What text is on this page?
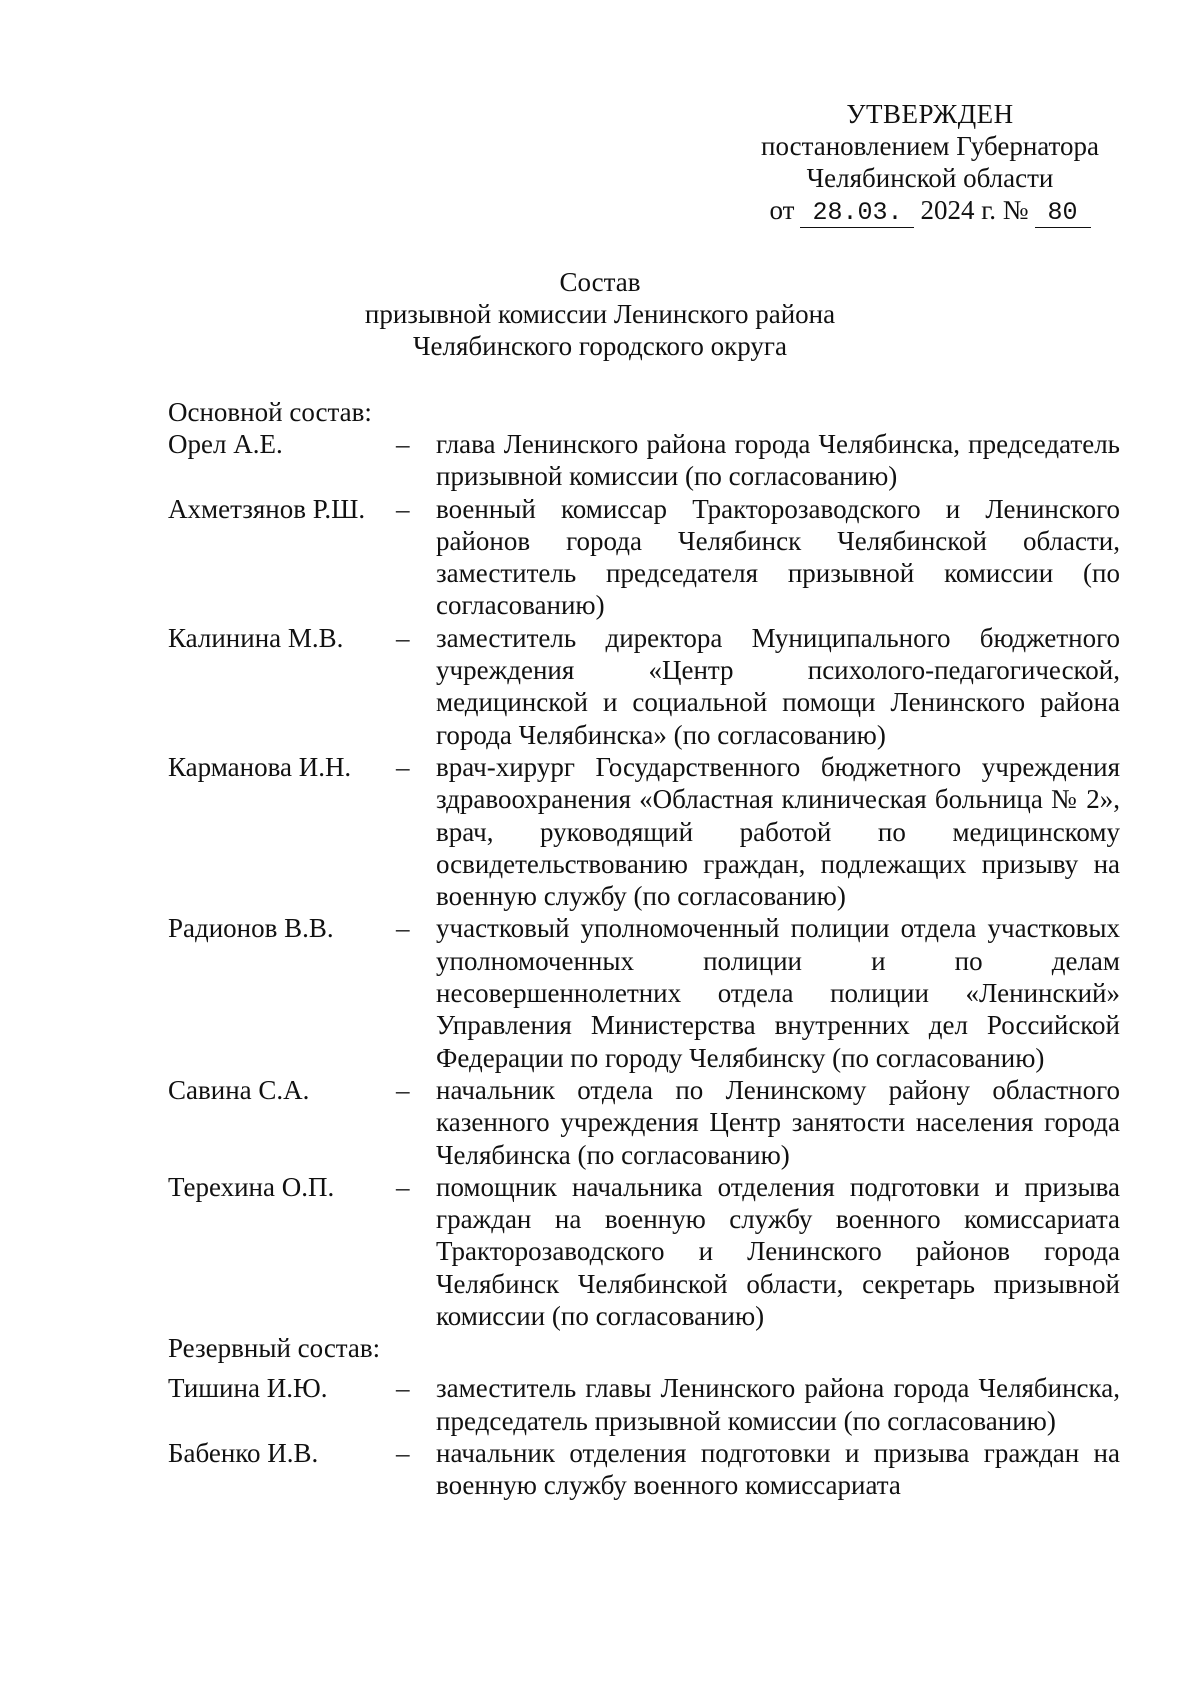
УТВЕРЖДЕН
постановлением Губернатора
Челябинской области
от 28.03. 2024 г. № 80
Состав
призывной комиссии Ленинского района
Челябинского городского округа
Основной состав:
Орел А.Е.	– глава Ленинского района города Челябинска, председатель призывной комиссии (по согласованию)
Ахметзянов Р.Ш.	– военный комиссар Тракторозаводского и Ленинского районов города Челябинск Челябинской области, заместитель председателя призывной комиссии (по согласованию)
Калинина М.В.	– заместитель директора Муниципального бюджетного учреждения «Центр психолого-педагогической, медицинской и социальной помощи Ленинского района города Челябинска» (по согласованию)
Карманова И.Н.	– врач-хирург Государственного бюджетного учреждения здравоохранения «Областная клиническая больница № 2», врач, руководящий работой по медицинскому освидетельствованию граждан, подлежащих призыву на военную службу (по согласованию)
Радионов В.В.	– участковый уполномоченный полиции отдела участковых уполномоченных полиции и по делам несовершеннолетних отдела полиции «Ленинский» Управления Министерства внутренних дел Российской Федерации по городу Челябинску (по согласованию)
Савина С.А.	– начальник отдела по Ленинскому району областного казенного учреждения Центр занятости населения города Челябинска (по согласованию)
Терехина О.П.	– помощник начальника отделения подготовки и призыва граждан на военную службу военного комиссариата Тракторозаводского и Ленинского районов города Челябинск Челябинской области, секретарь призывной комиссии (по согласованию)
Резервный состав:
Тишина И.Ю.	– заместитель главы Ленинского района города Челябинска, председатель призывной комиссии (по согласованию)
Бабенко И.В.	– начальник отделения подготовки и призыва граждан на военную службу военного комиссариата
